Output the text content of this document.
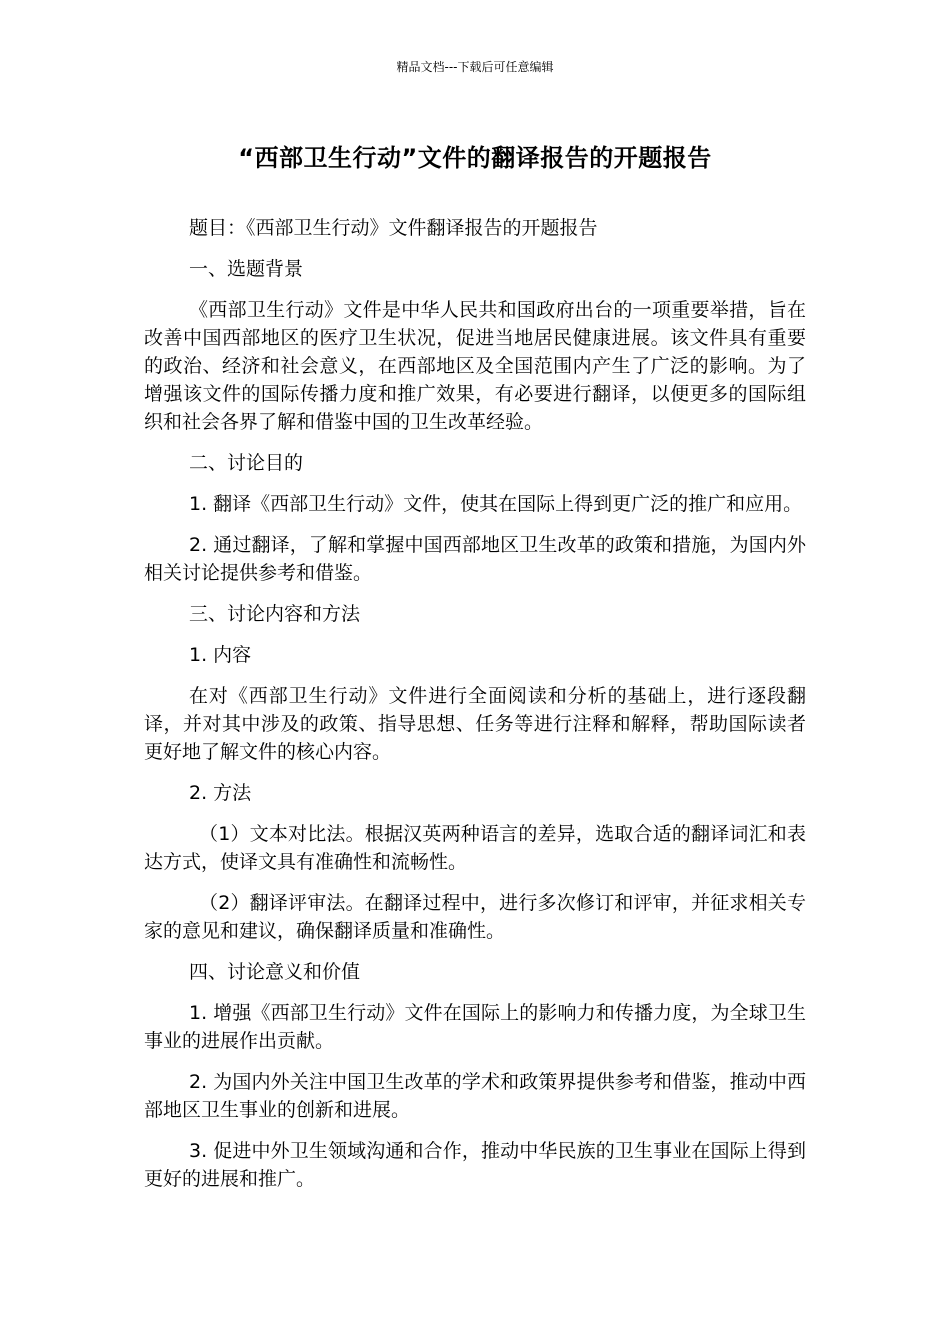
精品文档---下载后可任意编辑
“西部卫生行动”文件的翻译报告的开题报告

题目：《西部卫生行动》文件翻译报告的开题报告

一、选题背景

《西部卫生行动》文件是中华人民共和国政府出台的一项重要举措，旨在改善中国西部地区的医疗卫生状况，促进当地居民健康进展。该文件具有重要的政治、经济和社会意义，在西部地区及全国范围内产生了广泛的影响。为了增强该文件的国际传播力度和推广效果，有必要进行翻译，以便更多的国际组织和社会各界了解和借鉴中国的卫生改革经验。

二、讨论目的

1. 翻译《西部卫生行动》文件，使其在国际上得到更广泛的推广和应用。

2. 通过翻译，了解和掌握中国西部地区卫生改革的政策和措施，为国内外相关讨论提供参考和借鉴。

三、讨论内容和方法

1. 内容

在对《西部卫生行动》文件进行全面阅读和分析的基础上，进行逐段翻译，并对其中涉及的政策、指导思想、任务等进行注释和解释，帮助国际读者更好地了解文件的核心内容。

2. 方法

（1）文本对比法。根据汉英两种语言的差异，选取合适的翻译词汇和表达方式，使译文具有准确性和流畅性。

（2）翻译评审法。在翻译过程中，进行多次修订和评审，并征求相关专家的意见和建议，确保翻译质量和准确性。

四、讨论意义和价值

1. 增强《西部卫生行动》文件在国际上的影响力和传播力度，为全球卫生事业的进展作出贡献。

2. 为国内外关注中国卫生改革的学术和政策界提供参考和借鉴，推动中西部地区卫生事业的创新和进展。

3. 促进中外卫生领域沟通和合作，推动中华民族的卫生事业在国际上得到更好的进展和推广。
